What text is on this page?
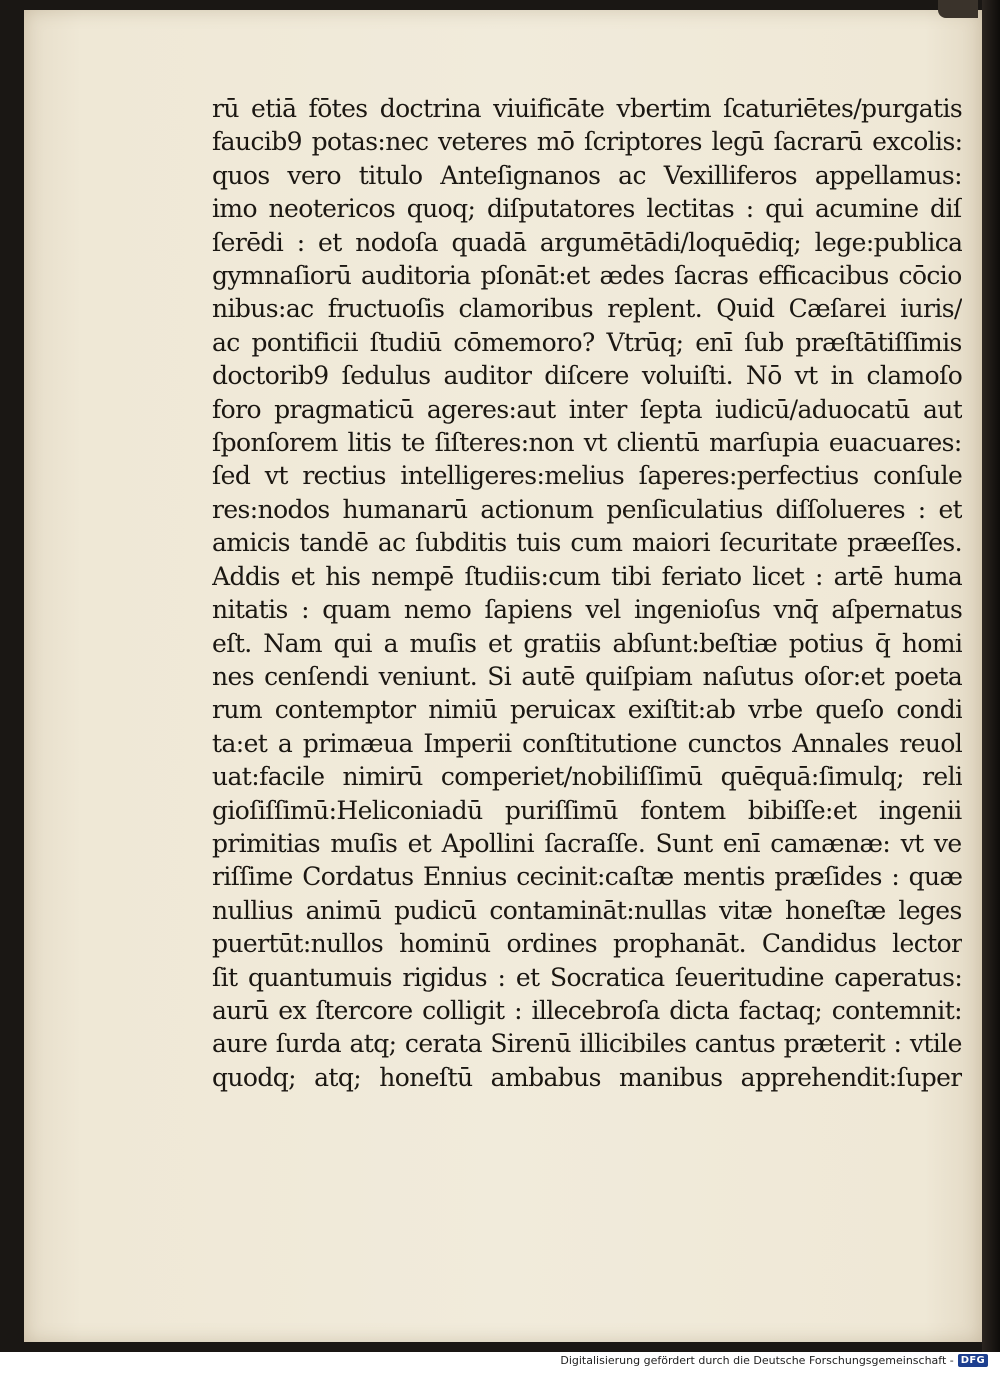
rū etiā fōtes doctrina viuificāte vbertim ſcaturiētes/purgatis
faucib9 potas:nec veteres mō ſcriptores legū ſacrarū excolis:
quos vero titulo Anteſignanos ac Vexilliferos appellamus:
imo neotericos quoq; diſputatores lectitas : qui acumine diſ
ſerēdi : et nodoſa quadā argumētādi/loquēdiq; lege:publica
gymnaſiorū auditoria pſonāt:et ædes ſacras efficacibus cōcio
nibus:ac fructuoſis clamoribus replent. Quid Cæſarei iuris/
ac pontificii ſtudiū cōmemoro? Vtrūq; enī ſub præſtātiſſimis
doctorib9 ſedulus auditor diſcere voluiſti. Nō vt in clamoſo
foro pragmaticū ageres:aut inter ſepta iudicū/aduocatū aut
ſponſorem litis te ſiſteres:non vt clientū marſupia euacuares:
ſed vt rectius intelligeres:melius ſaperes:perfectius conſule
res:nodos humanarū actionum penſiculatius diſſolueres : et
amicis tandē ac ſubditis tuis cum maiori ſecuritate præeſſes.
Addis et his nempē ſtudiis:cum tibi feriato licet : artē huma
nitatis : quam nemo ſapiens vel ingenioſus vnq̄ aſpernatus
eſt. Nam qui a muſis et gratiis abſunt:beſtiæ potius q̄ homi
nes cenſendi veniunt. Si autē quiſpiam naſutus oſor:et poeta
rum contemptor nimiū peruicax exiſtit:ab vrbe queſo condi
ta:et a primæua Imperii conſtitutione cunctos Annales reuol
uat:facile nimirū comperiet/nobiliſſimū quēquā:ſimulq; reli
gioſiſſimū:Heliconiadū puriſſimū fontem bibiſſe:et ingenii
primitias muſis et Apollini ſacraſſe. Sunt enī camænæ: vt ve
riſſime Cordatus Ennius cecinit:caſtæ mentis præſides : quæ
nullius animū pudicū contamināt:nullas vitæ honeſtæ leges
puertūt:nullos hominū ordines prophanāt. Candidus lector
ſit quantumuis rigidus : et Socratica ſeueritudine caperatus:
aurū ex ſtercore colligit : illecebroſa dicta factaq; contemnit:
aure ſurda atq; cerata Sirenū illicibiles cantus præterit : vtile
quodq; atq; honeſtū ambabus manibus apprehendit:ſuper
Digitalisierung gefördert durch die Deutsche Forschungsgemeinschaft - DFG
